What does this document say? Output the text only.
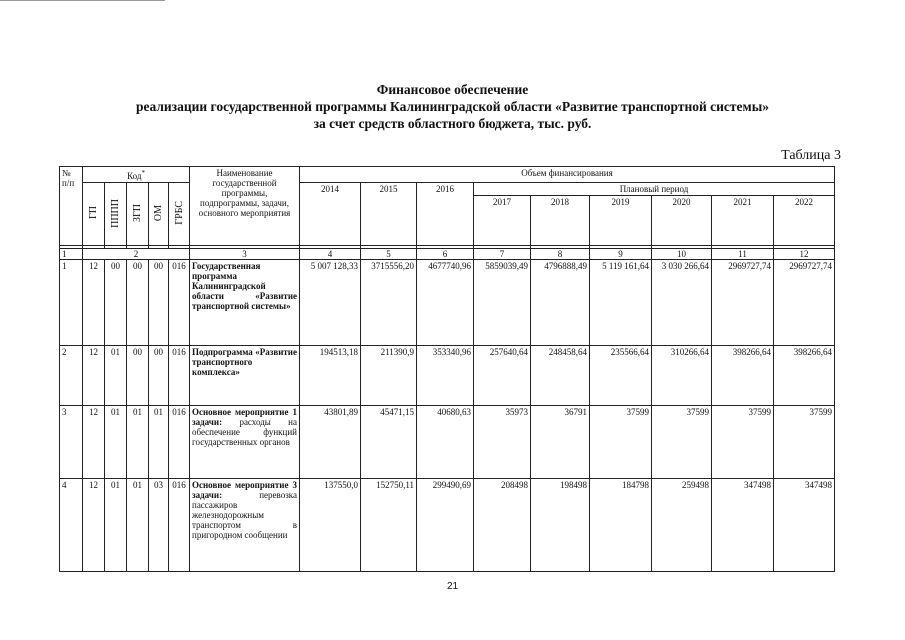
Финансовое обеспечение
реализации государственной программы Калининградской области «Развитие транспортной системы»
за счет средств областного бюджета, тыс. руб.
Таблица 3
№ п/п	Код*					Наименование государственной программы, подпрограммы, задачи, основного мероприятия	Объем финансирования								
	ГП	ПППП	ЗГП	ОМ	ГРБС		2014	2015	2016	Плановый период					
										2017	2018	2019	2020	2021	2022

1	2					3	4	5	6	7	8	9	10	11	12
1	12	00	00	00	016	Государственная программа Калининградской области «Развитие транспортной системы»	5 007 128,33	3715556,20	4677740,96	5859039,49	4796888,49	5 119 161,64	3 030 266,64	2969727,74	2969727,74
2	12	01	00	00	016	Подпрограмма «Развитие транспортного комплекса»	194513,18	211390,9	353340,96	257640,64	248458,64	235566,64	310266,64	398266,64	398266,64
3	12	01	01	01	016	Основное мероприятие 1 задачи: расходы на обеспечение функций государственных органов	43801,89	45471,15	40680,63	35973	36791	37599	37599	37599	37599
4	12	01	01	03	016	Основное мероприятие 3 задачи: перевозка пассажиров железнодорожным транспортом в пригородном сообщении	137550,0	152750,11	299490,69	208498	198498	184798	259498	347498	347498
21
